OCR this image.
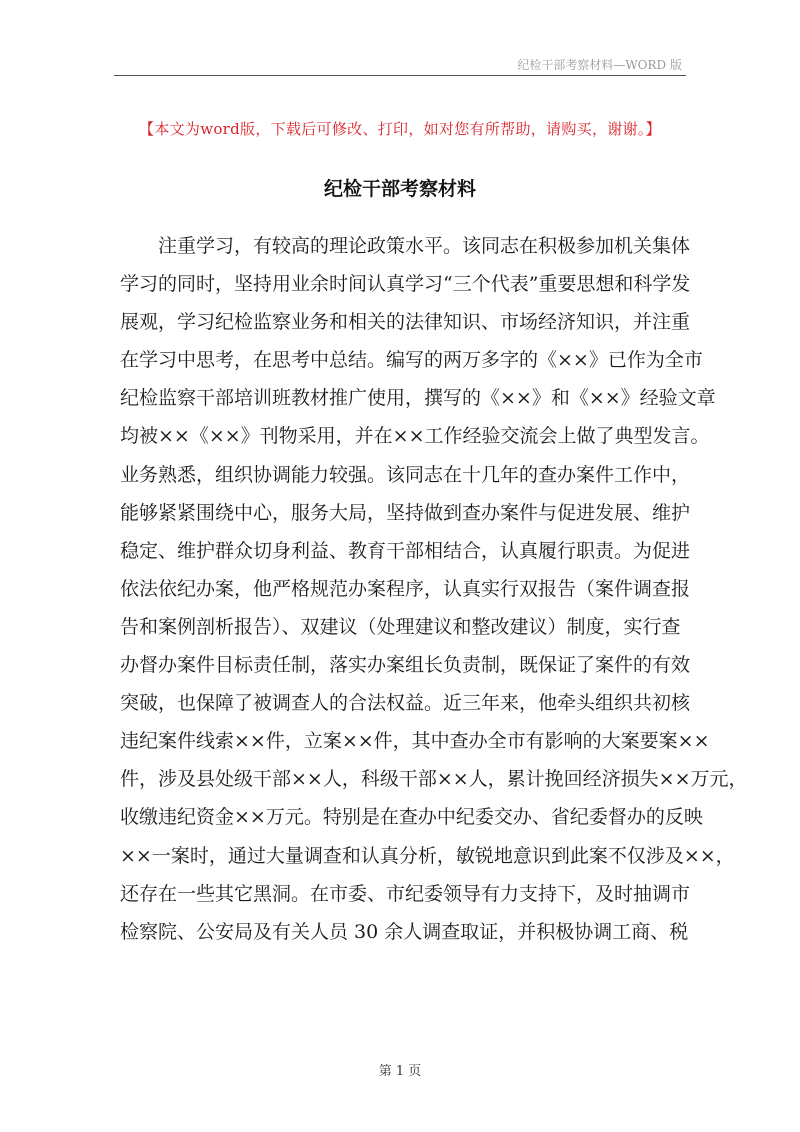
纪检干部考察材料—WORD 版
【本文为word版，下载后可修改、打印，如对您有所帮助，请购买，谢谢。】
纪检干部考察材料
注重学习，有较高的理论政策水平。该同志在积极参加机关集体
学习的同时，坚持用业余时间认真学习“三个代表”重要思想和科学发
展观，学习纪检监察业务和相关的法律知识、市场经济知识，并注重
在学习中思考，在思考中总结。编写的两万多字的《××》已作为全市
纪检监察干部培训班教材推广使用，撰写的《××》和《××》经验文章
均被××《××》刊物采用，并在××工作经验交流会上做了典型发言。
业务熟悉，组织协调能力较强。该同志在十几年的查办案件工作中，
能够紧紧围绕中心，服务大局，坚持做到查办案件与促进发展、维护
稳定、维护群众切身利益、教育干部相结合，认真履行职责。为促进
依法依纪办案，他严格规范办案程序，认真实行双报告（案件调查报
告和案例剖析报告）、双建议（处理建议和整改建议）制度，实行查
办督办案件目标责任制，落实办案组长负责制，既保证了案件的有效
突破，也保障了被调查人的合法权益。近三年来，他牵头组织共初核
违纪案件线索××件，立案××件，其中查办全市有影响的大案要案××
件，涉及县处级干部××人，科级干部××人，累计挽回经济损失××万元，
收缴违纪资金××万元。特别是在查办中纪委交办、省纪委督办的反映
××一案时，通过大量调查和认真分析，敏锐地意识到此案不仅涉及××，
还存在一些其它黑洞。在市委、市纪委领导有力支持下，及时抽调市
检察院、公安局及有关人员 30 余人调查取证，并积极协调工商、税
第 1 页
